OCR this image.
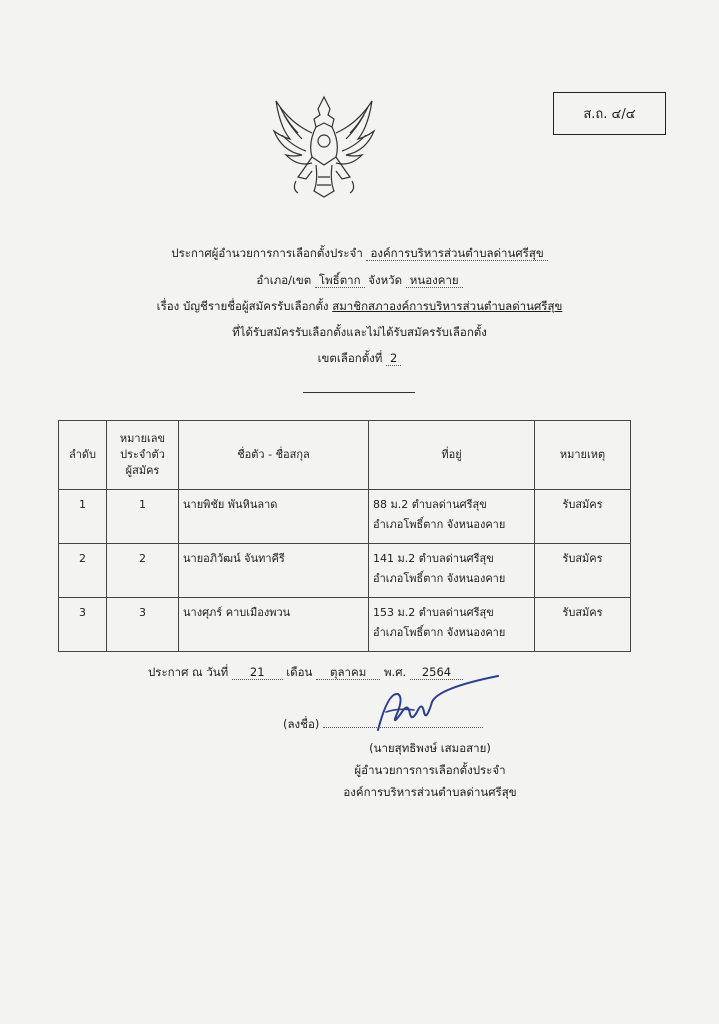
ส.ถ. ๔/๔
ประกาศผู้อำนวยการการเลือกตั้งประจำ องค์การบริหารส่วนตำบลด่านศรีสุข
อำเภอ/เขต โพธิ์ตาก จังหวัด หนองคาย
เรื่อง บัญชีรายชื่อผู้สมัครรับเลือกตั้ง สมาชิกสภาองค์การบริหารส่วนตำบลด่านศรีสุข
ที่ได้รับสมัครรับเลือกตั้งและไม่ได้รับสมัครรับเลือกตั้ง
เขตเลือกตั้งที่ 2
ลำดับ	หมายเลข
ประจำตัว
ผู้สมัคร	ชื่อตัว - ชื่อสกุล	ที่อยู่	หมายเหตุ
1	1	นายพิชัย พันหินลาด	88 ม.2 ตำบลด่านศรีสุข
อำเภอโพธิ์ตาก จังหนองคาย	รับสมัคร
2	2	นายอภิวัฒน์ จันทาคีรี	141 ม.2 ตำบลด่านศรีสุข
อำเภอโพธิ์ตาก จังหนองคาย	รับสมัคร
3	3	นางศุภร์ คาบเมืองพวน	153 ม.2 ตำบลด่านศรีสุข
อำเภอโพธิ์ตาก จังหนองคาย	รับสมัคร
ประกาศ ณ วันที่ 21 เดือน ตุลาคม พ.ศ. 2564
(ลงชื่อ)
(นายสุทธิพงษ์ เสมอสาย)
ผู้อำนวยการการเลือกตั้งประจำ
องค์การบริหารส่วนตำบลด่านศรีสุข
